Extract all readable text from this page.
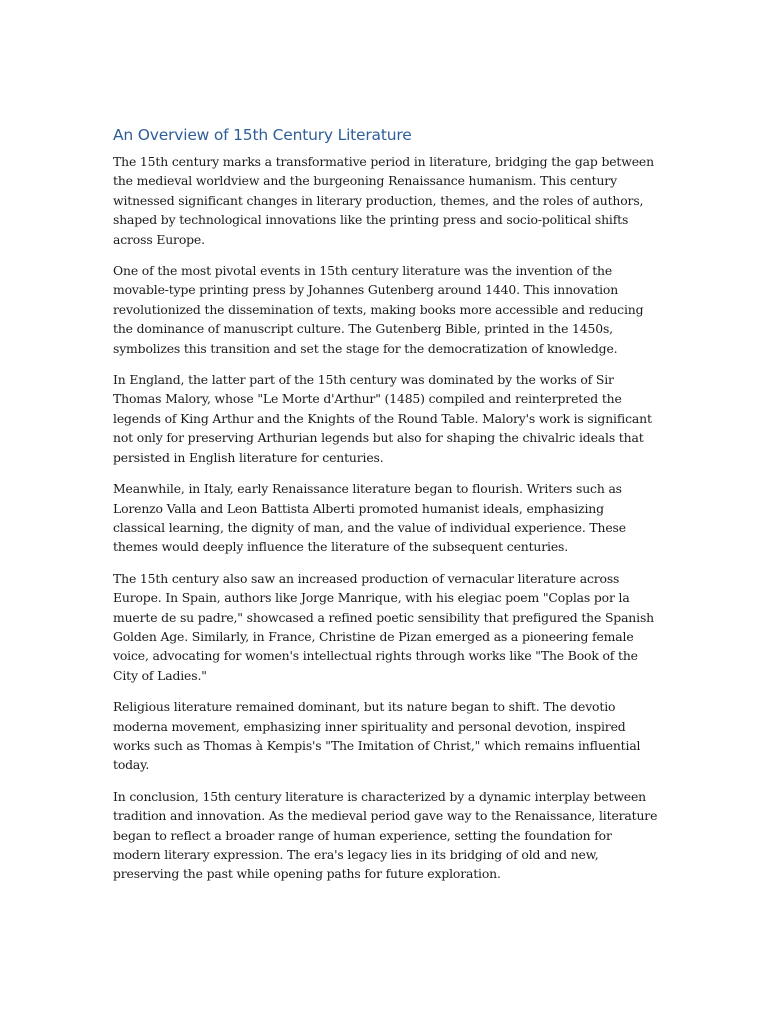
An Overview of 15th Century Literature

The 15th century marks a transformative period in literature, bridging the gap between the medieval worldview and the burgeoning Renaissance humanism. This century witnessed significant changes in literary production, themes, and the roles of authors, shaped by technological innovations like the printing press and socio-political shifts across Europe.

One of the most pivotal events in 15th century literature was the invention of the movable-type printing press by Johannes Gutenberg around 1440. This innovation revolutionized the dissemination of texts, making books more accessible and reducing the dominance of manuscript culture. The Gutenberg Bible, printed in the 1450s, symbolizes this transition and set the stage for the democratization of knowledge.

In England, the latter part of the 15th century was dominated by the works of Sir Thomas Malory, whose "Le Morte d'Arthur" (1485) compiled and reinterpreted the legends of King Arthur and the Knights of the Round Table. Malory's work is significant not only for preserving Arthurian legends but also for shaping the chivalric ideals that persisted in English literature for centuries.

Meanwhile, in Italy, early Renaissance literature began to flourish. Writers such as Lorenzo Valla and Leon Battista Alberti promoted humanist ideals, emphasizing classical learning, the dignity of man, and the value of individual experience. These themes would deeply influence the literature of the subsequent centuries.

The 15th century also saw an increased production of vernacular literature across Europe. In Spain, authors like Jorge Manrique, with his elegiac poem "Coplas por la muerte de su padre," showcased a refined poetic sensibility that prefigured the Spanish Golden Age. Similarly, in France, Christine de Pizan emerged as a pioneering female voice, advocating for women's intellectual rights through works like "The Book of the City of Ladies."

Religious literature remained dominant, but its nature began to shift. The devotio moderna movement, emphasizing inner spirituality and personal devotion, inspired works such as Thomas à Kempis's "The Imitation of Christ," which remains influential today.

In conclusion, 15th century literature is characterized by a dynamic interplay between tradition and innovation. As the medieval period gave way to the Renaissance, literature began to reflect a broader range of human experience, setting the foundation for modern literary expression. The era's legacy lies in its bridging of old and new, preserving the past while opening paths for future exploration.
